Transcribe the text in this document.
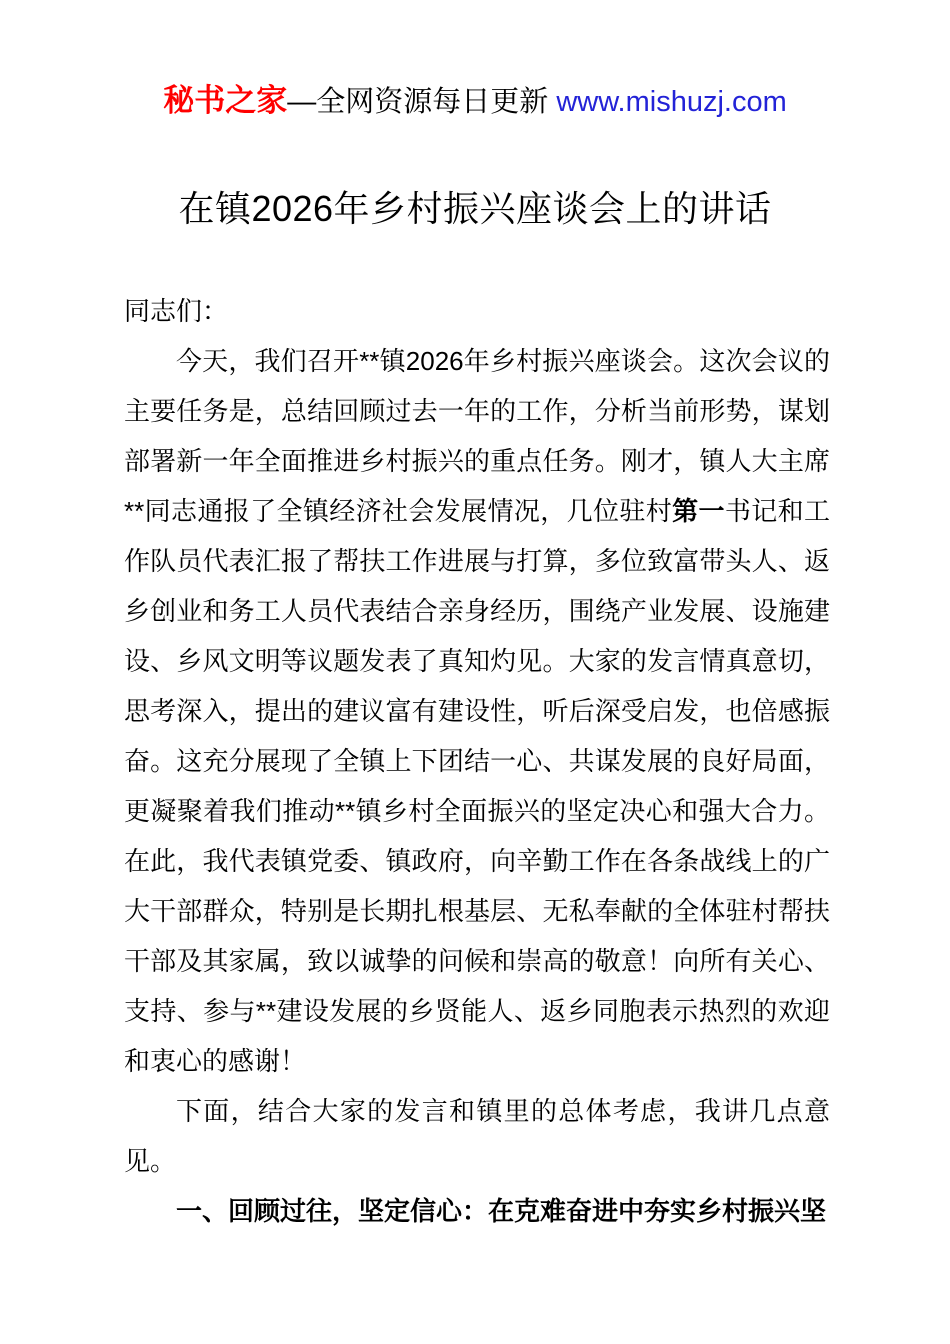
秘书之家—全网资源每日更新 www.mishuzj.com
在镇2026年乡村振兴座谈会上的讲话

同志们：

今天，我们召开**镇2026年乡村振兴座谈会。这次会议的主要任务是，总结回顾过去一年的工作，分析当前形势，谋划部署新一年全面推进乡村振兴的重点任务。刚才，镇人大主席**同志通报了全镇经济社会发展情况，几位驻村第一书记和工作队员代表汇报了帮扶工作进展与打算，多位致富带头人、返乡创业和务工人员代表结合亲身经历，围绕产业发展、设施建设、乡风文明等议题发表了真知灼见。大家的发言情真意切，思考深入，提出的建议富有建设性，听后深受启发，也倍感振奋。这充分展现了全镇上下团结一心、共谋发展的良好局面，更凝聚着我们推动**镇乡村全面振兴的坚定决心和强大合力。在此，我代表镇党委、镇政府，向辛勤工作在各条战线上的广大干部群众，特别是长期扎根基层、无私奉献的全体驻村帮扶干部及其家属，致以诚挚的问候和崇高的敬意！向所有关心、支持、参与**建设发展的乡贤能人、返乡同胞表示热烈的欢迎和衷心的感谢！

下面，结合大家的发言和镇里的总体考虑，我讲几点意见。

一、回顾过往，坚定信心：在克难奋进中夯实乡村振兴坚
